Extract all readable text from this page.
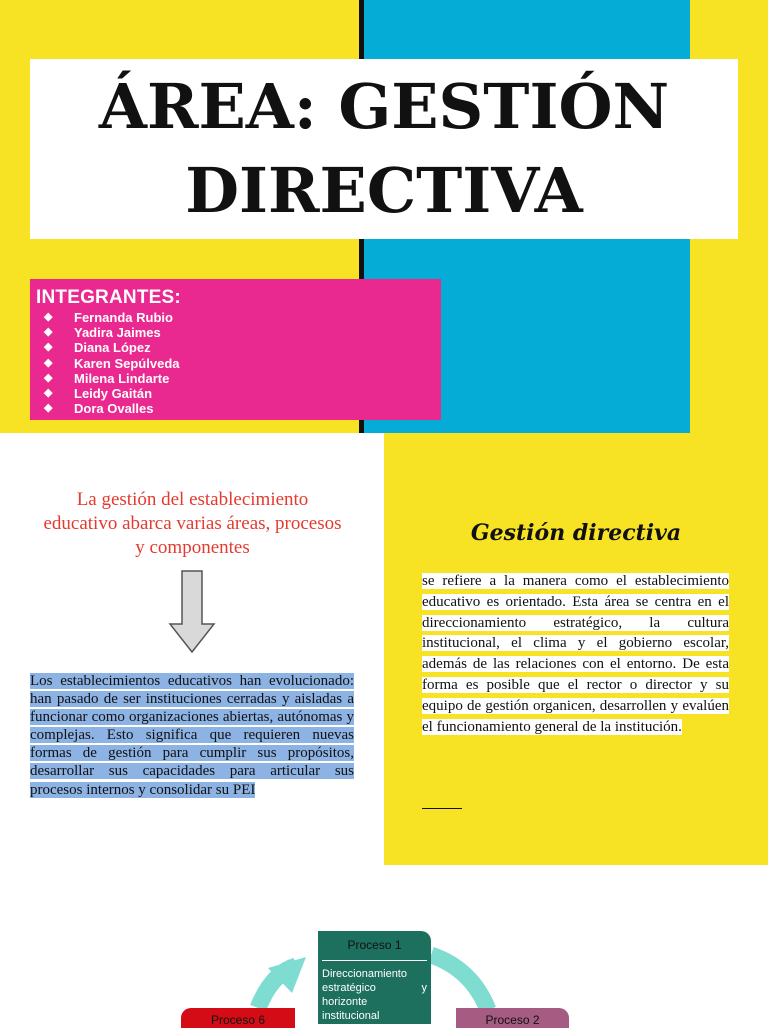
ÁREA: GESTIÓN
DIRECTIVA
INTEGRANTES:
◆ Fernanda Rubio
◆ Yadira Jaimes
◆ Diana López
◆ Karen Sepúlveda
◆ Milena Lindarte
◆ Leidy Gaitán
◆ Dora Ovalles
La gestión del establecimiento educativo abarca varias áreas, procesos y componentes
Los establecimientos educativos han evolucionado: han pasado de ser instituciones cerradas y aisladas a funcionar como organizaciones abiertas, autónomas y complejas. Esto significa que requieren nuevas formas de gestión para cumplir sus propósitos, desarrollar sus capacidades para articular sus procesos internos y consolidar su PEI
Gestión directiva
se refiere a la manera como el establecimiento educativo es orientado. Esta área se centra en el direccionamiento estratégico, la cultura institucional, el clima y el gobierno escolar, además de las relaciones con el entorno. De esta forma es posible que el rector o director y su equipo de gestión organicen, desarrollen y evalúen el funcionamiento general de la institución.
Proceso 1
Direccionamiento estratégico y horizonte institucional
Proceso 6	Proceso 2
